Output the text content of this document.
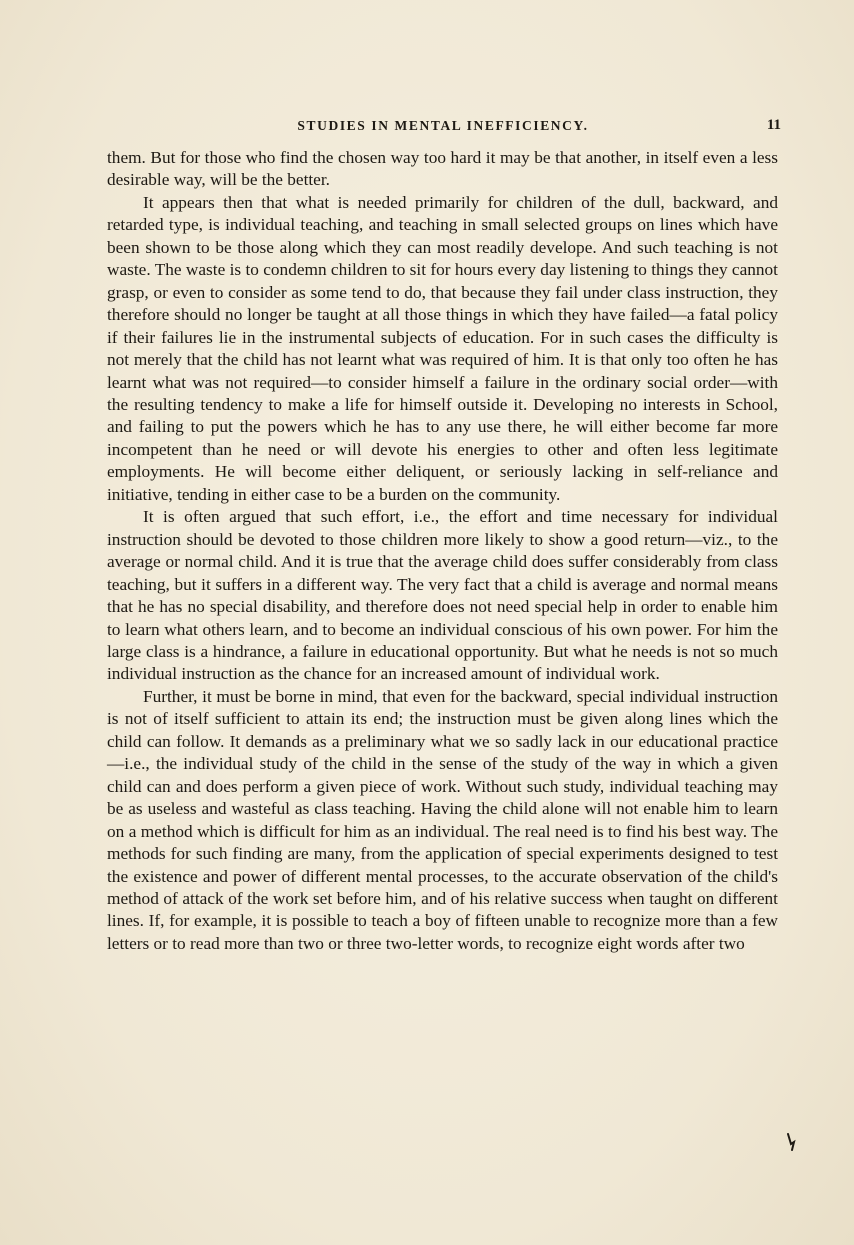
STUDIES IN MENTAL INEFFICIENCY.	11

them. But for those who find the chosen way too hard it may be that another, in itself even a less desirable way, will be the better.

It appears then that what is needed primarily for children of the dull, backward, and retarded type, is individual teaching, and teaching in small selected groups on lines which have been shown to be those along which they can most readily develope. And such teaching is not waste. The waste is to condemn children to sit for hours every day listening to things they cannot grasp, or even to consider as some tend to do, that because they fail under class instruction, they therefore should no longer be taught at all those things in which they have failed—a fatal policy if their failures lie in the instrumental subjects of education. For in such cases the difficulty is not merely that the child has not learnt what was required of him. It is that only too often he has learnt what was not required—to consider himself a failure in the ordinary social order—with the resulting tendency to make a life for himself outside it. Developing no interests in School, and failing to put the powers which he has to any use there, he will either become far more incompetent than he need or will devote his energies to other and often less legitimate employments. He will become either deliquent, or seriously lacking in self-reliance and initiative, tending in either case to be a burden on the community.

It is often argued that such effort, i.e., the effort and time necessary for individual instruction should be devoted to those children more likely to show a good return—viz., to the average or normal child. And it is true that the average child does suffer considerably from class teaching, but it suffers in a different way. The very fact that a child is average and normal means that he has no special disability, and therefore does not need special help in order to enable him to learn what others learn, and to become an individual conscious of his own power. For him the large class is a hindrance, a failure in educational opportunity. But what he needs is not so much individual instruction as the chance for an increased amount of individual work.

Further, it must be borne in mind, that even for the backward, special individual instruction is not of itself sufficient to attain its end; the instruction must be given along lines which the child can follow. It demands as a preliminary what we so sadly lack in our educational practice—i.e., the individual study of the child in the sense of the study of the way in which a given child can and does perform a given piece of work. Without such study, individual teaching may be as useless and wasteful as class teaching. Having the child alone will not enable him to learn on a method which is difficult for him as an individual. The real need is to find his best way. The methods for such finding are many, from the application of special experiments designed to test the existence and power of different mental processes, to the accurate observation of the child's method of attack of the work set before him, and of his relative success when taught on different lines. If, for example, it is possible to teach a boy of fifteen unable to recognize more than a few letters or to read more than two or three two-letter words, to recognize eight words after two
